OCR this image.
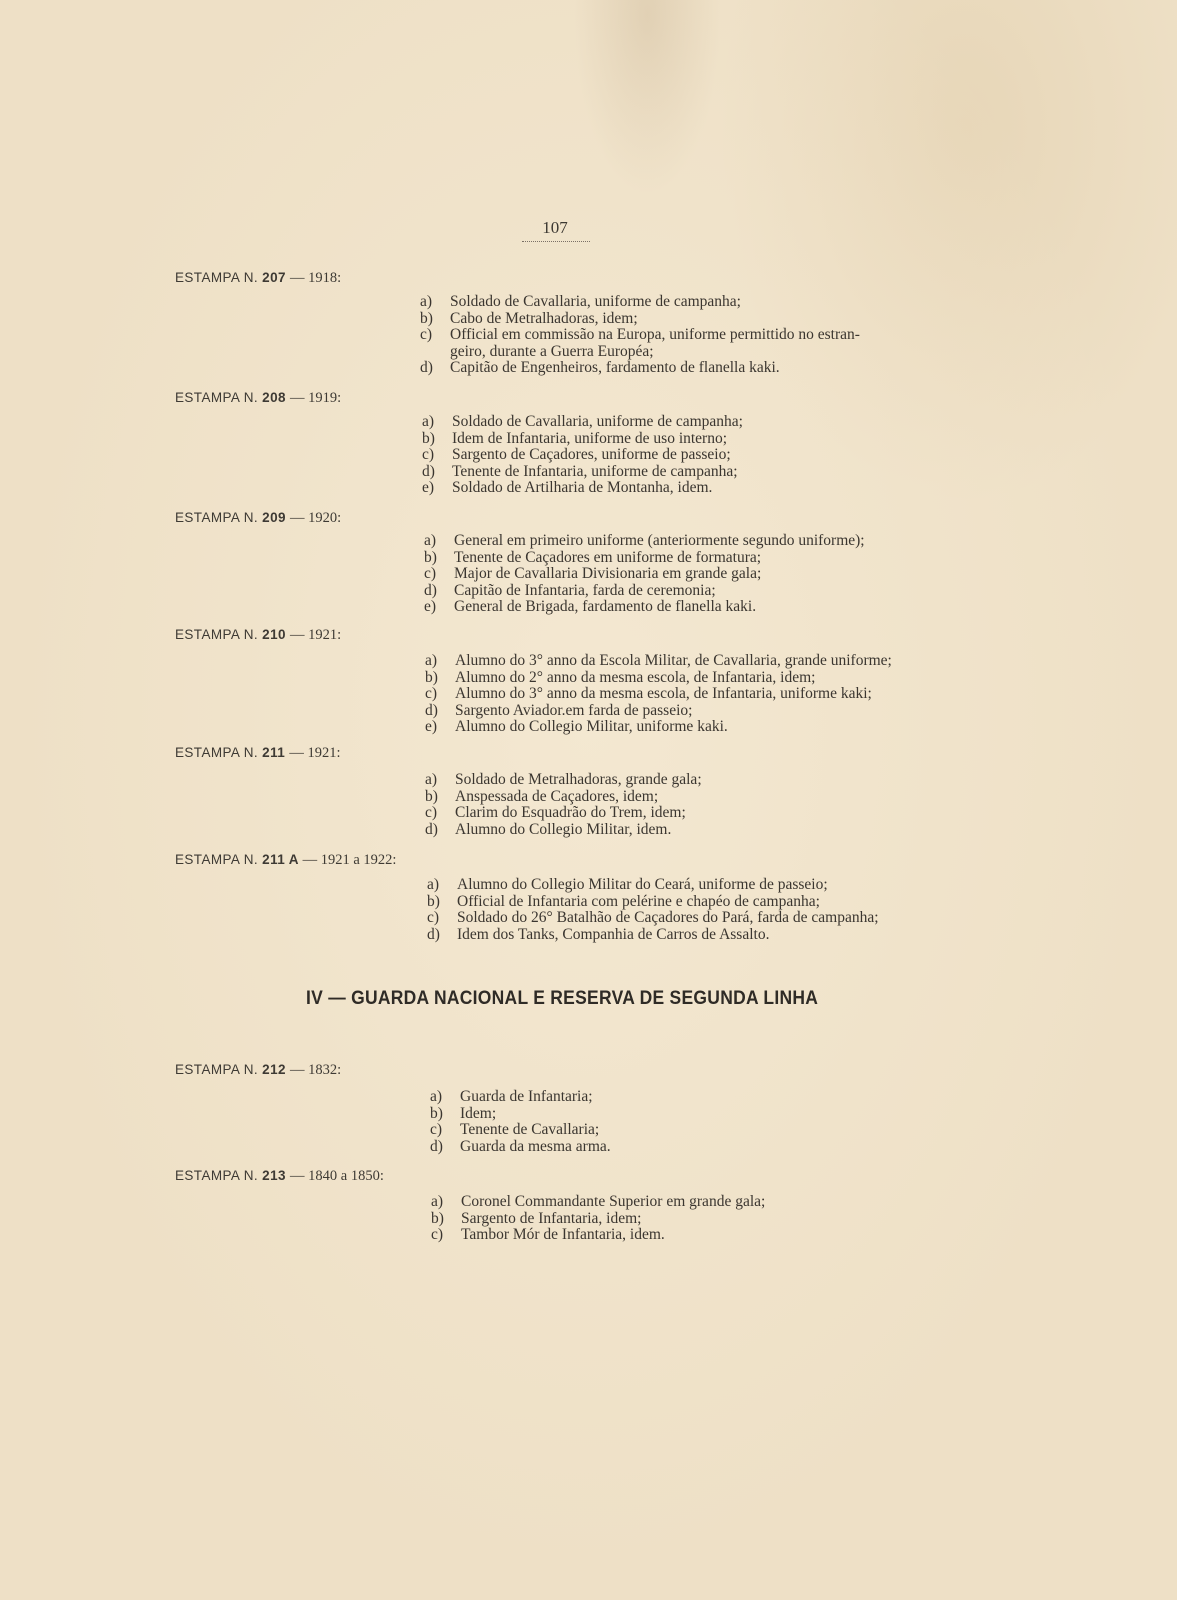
107
ESTAMPA N. 207 — 1918:
a) Soldado de Cavallaria, uniforme de campanha;
b) Cabo de Metralhadoras, idem;
c) Official em commissão na Europa, uniforme permittido no estran-
geiro, durante a Guerra Européa;
d) Capitão de Engenheiros, fardamento de flanella kaki.
ESTAMPA N. 208 — 1919:
a) Soldado de Cavallaria, uniforme de campanha;
b) Idem de Infantaria, uniforme de uso interno;
c) Sargento de Caçadores, uniforme de passeio;
d) Tenente de Infantaria, uniforme de campanha;
e) Soldado de Artilharia de Montanha, idem.
ESTAMPA N. 209 — 1920:
a) General em primeiro uniforme (anteriormente segundo uniforme);
b) Tenente de Caçadores em uniforme de formatura;
c) Major de Cavallaria Divisionaria em grande gala;
d) Capitão de Infantaria, farda de ceremonia;
e) General de Brigada, fardamento de flanella kaki.
ESTAMPA N. 210 — 1921:
a) Alumno do 3° anno da Escola Militar, de Cavallaria, grande uniforme;
b) Alumno do 2° anno da mesma escola, de Infantaria, idem;
c) Alumno do 3° anno da mesma escola, de Infantaria, uniforme kaki;
d) Sargento Aviador.em farda de passeio;
e) Alumno do Collegio Militar, uniforme kaki.
ESTAMPA N. 211 — 1921:
a) Soldado de Metralhadoras, grande gala;
b) Anspessada de Caçadores, idem;
c) Clarim do Esquadrão do Trem, idem;
d) Alumno do Collegio Militar, idem.
ESTAMPA N. 211 A — 1921 a 1922:
a) Alumno do Collegio Militar do Ceará, uniforme de passeio;
b) Official de Infantaria com pelérine e chapéo de campanha;
c) Soldado do 26° Batalhão de Caçadores do Pará, farda de campanha;
d) Idem dos Tanks, Companhia de Carros de Assalto.
ESTAMPA N. 212 — 1832:
a) Guarda de Infantaria;
b) Idem;
c) Tenente de Cavallaria;
d) Guarda da mesma arma.
ESTAMPA N. 213 — 1840 a 1850:
a) Coronel Commandante Superior em grande gala;
b) Sargento de Infantaria, idem;
c) Tambor Mór de Infantaria, idem.
IV — GUARDA NACIONAL E RESERVA DE SEGUNDA LINHA
